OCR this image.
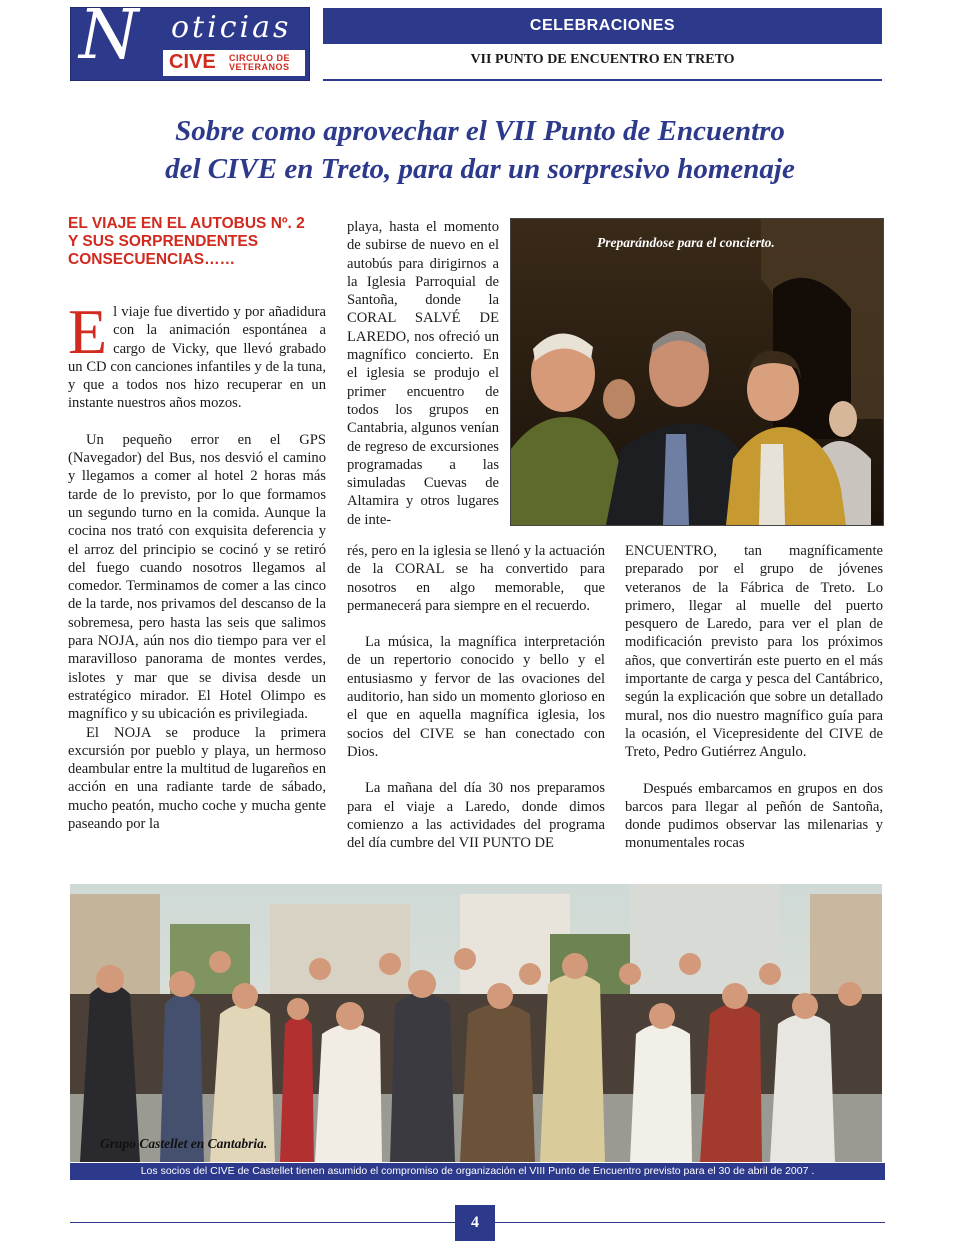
N oticias
CIVE CIRCULO DE
VETERANOS
CELEBRACIONES
VII PUNTO DE ENCUENTRO EN TRETO
Sobre como aprovechar el VII Punto de Encuentro
del CIVE en Treto, para dar un sorpresivo homenaje
EL VIAJE EN EL AUTOBUS Nº. 2
Y SUS SORPRENDENTES
CONSECUENCIAS……

El viaje fue divertido y por añadidura con la animación espontánea a cargo de Vicky, que llevó grabado un CD con canciones infantiles y de la tuna, y que a todos nos hizo recuperar en un instante nuestros años mozos.

Un pequeño error en el GPS (Navegador) del Bus, nos desvió el camino y llegamos a comer al hotel 2 horas más tarde de lo previsto, por lo que formamos un segundo turno en la comida. Aunque la cocina nos trató con exquisita deferencia y el arroz del principio se cocinó y se retiró del fuego cuando nosotros llegamos al comedor. Terminamos de comer a las cinco de la tarde, nos privamos del descanso de la sobremesa, pero hasta las seis que salimos para NOJA, aún nos dio tiempo para ver el maravilloso panorama de montes verdes, islotes y mar que se divisa desde un estratégico mirador. El Hotel Olimpo es magnífico y su ubicación es privilegiada.

El NOJA se produce la primera excursión por pueblo y playa, un hermoso deambular entre la multitud de lugareños en acción en una radiante tarde de sábado, mucho peatón, mucho coche y mucha gente paseando por la

playa, hasta el momento de subirse de nuevo en el autobús para dirigirnos a la Iglesia Parroquial de Santoña, donde la CORAL SALVÉ DE LAREDO, nos ofreció un magnífico concierto. En el iglesia se produjo el primer encuentro de todos los grupos en Cantabria, algunos venían de regreso de excursiones programadas a las simuladas Cuevas de Altamira y otros lugares de inte-

rés, pero en la iglesia se llenó y la actuación de la CORAL se ha convertido para nosotros en algo memorable, que permanecerá para siempre en el recuerdo.

La música, la magnífica interpretación de un repertorio conocido y bello y el entusiasmo y fervor de las ovaciones del auditorio, han sido un momento glorioso en el que en aquella magnífica iglesia, los socios del CIVE se han conectado con Dios.

La mañana del día 30 nos preparamos para el viaje a Laredo, donde dimos comienzo a las actividades del programa del día cumbre del VII PUNTO DE

ENCUENTRO, tan magníficamente preparado por el grupo de jóvenes veteranos de la Fábrica de Treto. Lo primero, llegar al muelle del puerto pesquero de Laredo, para ver el plan de modificación previsto para los próximos años, que convertirán este puerto en el más importante de carga y pesca del Cantábrico, según la explicación que sobre un detallado mural, nos dio nuestro magnífico guía para la ocasión, el Vicepresidente del CIVE de Treto, Pedro Gutiérrez Angulo.

Después embarcamos en grupos en dos barcos para llegar al peñón de Santoña, donde pudimos observar las milenarias y monumentales rocas

Preparándose para el concierto.
Grupo Castellet en Cantabria.
Los socios del CIVE de Castellet tienen asumido el compromiso de organización el VIII Punto de Encuentro previsto para el 30 de abril de 2007 .
4
